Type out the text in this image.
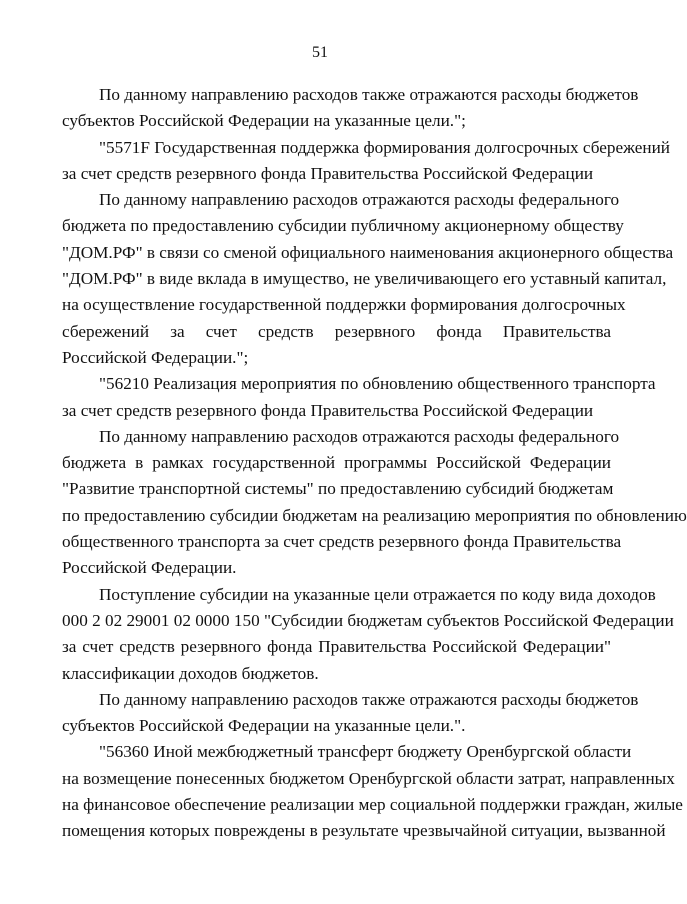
51
По данному направлению расходов также отражаются расходы бюджетов
субъектов Российской Федерации на указанные цели.";
"5571F Государственная поддержка формирования долгосрочных сбережений
за счет средств резервного фонда Правительства Российской Федерации
По данному направлению расходов отражаются расходы федерального
бюджета по предоставлению субсидии публичному акционерному обществу
"ДОМ.РФ" в связи со сменой официального наименования акционерного общества
"ДОМ.РФ" в виде вклада в имущество, не увеличивающего его уставный капитал,
на осуществление государственной поддержки формирования долгосрочных
сбережений за счет средств резервного фонда Правительства
Российской Федерации.";
"56210 Реализация мероприятия по обновлению общественного транспорта
за счет средств резервного фонда Правительства Российской Федерации
По данному направлению расходов отражаются расходы федерального
бюджета в рамках государственной программы Российской Федерации
"Развитие транспортной системы" по предоставлению субсидий бюджетам
по предоставлению субсидии бюджетам на реализацию мероприятия по обновлению
общественного транспорта за счет средств резервного фонда Правительства
Российской Федерации.
Поступление субсидии на указанные цели отражается по коду вида доходов
000 2 02 29001 02 0000 150 "Субсидии бюджетам субъектов Российской Федерации
за счет средств резервного фонда Правительства Российской Федерации"
классификации доходов бюджетов.
По данному направлению расходов также отражаются расходы бюджетов
субъектов Российской Федерации на указанные цели.".
"56360 Иной межбюджетный трансферт бюджету Оренбургской области
на возмещение понесенных бюджетом Оренбургской области затрат, направленных
на финансовое обеспечение реализации мер социальной поддержки граждан, жилые
помещения которых повреждены в результате чрезвычайной ситуации, вызванной
